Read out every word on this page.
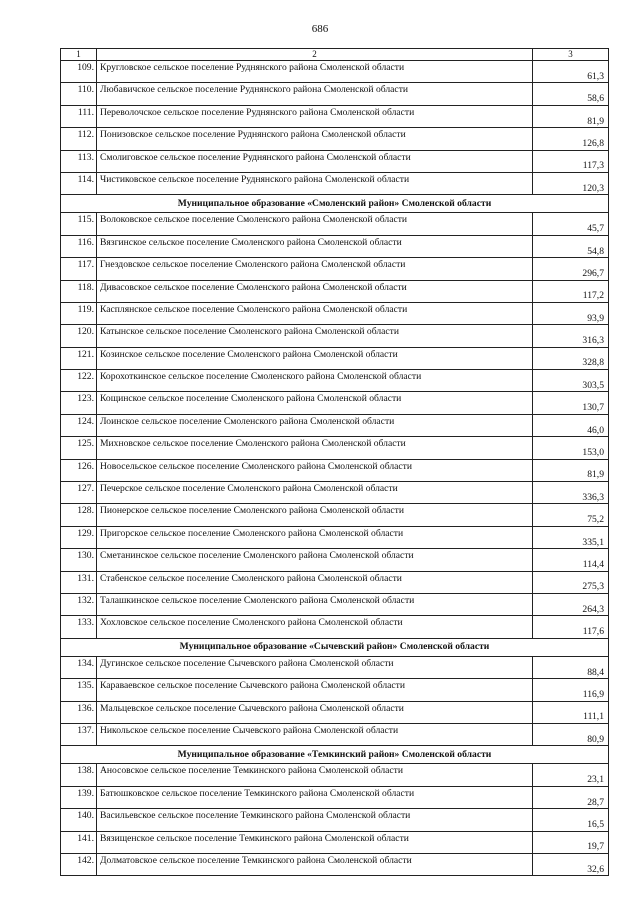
686
1	2	3
109.	Кругловское сельское поселение Руднянского района Смоленской области	61,3
110.	Любавичское сельское поселение Руднянского района Смоленской области	58,6
111.	Переволочское сельское поселение Руднянского района Смоленской области	81,9
112.	Понизовское сельское поселение Руднянского района Смоленской области	126,8
113.	Смолиговское сельское поселение Руднянского района Смоленской области	117,3
114.	Чистиковское сельское поселение Руднянского района Смоленской области	120,3
Муниципальное образование «Смоленский район» Смоленской области		
115.	Волоковское сельское поселение Смоленского района Смоленской области	45,7
116.	Вязгинское сельское поселение Смоленского района Смоленской области	54,8
117.	Гнездовское сельское поселение Смоленского района Смоленской области	296,7
118.	Дивасовское сельское поселение Смоленского района Смоленской области	117,2
119.	Касплянское сельское поселение Смоленского района Смоленской области	93,9
120.	Катынское сельское поселение Смоленского района Смоленской области	316,3
121.	Козинское сельское поселение Смоленского района Смоленской области	328,8
122.	Корохоткинское сельское поселение Смоленского района Смоленской области	303,5
123.	Кощинское сельское поселение Смоленского района Смоленской области	130,7
124.	Лоинское сельское поселение Смоленского района Смоленской области	46,0
125.	Михновское сельское поселение Смоленского района Смоленской области	153,0
126.	Новосельское сельское поселение Смоленского района Смоленской области	81,9
127.	Печерское сельское поселение Смоленского района Смоленской области	336,3
128.	Пионерское сельское поселение Смоленского района Смоленской области	75,2
129.	Пригорское сельское поселение Смоленского района Смоленской области	335,1
130.	Сметанинское сельское поселение Смоленского района Смоленской области	114,4
131.	Стабенское сельское поселение Смоленского района Смоленской области	275,3
132.	Талашкинское сельское поселение Смоленского района Смоленской области	264,3
133.	Хохловское сельское поселение Смоленского района Смоленской области	117,6
Муниципальное образование «Сычевский район» Смоленской области		
134.	Дугинское сельское поселение Сычевского района Смоленской области	88,4
135.	Караваевское сельское поселение Сычевского района Смоленской области	116,9
136.	Мальцевское сельское поселение Сычевского района Смоленской области	111,1
137.	Никольское сельское поселение Сычевского района Смоленской области	80,9
Муниципальное образование «Темкинский район» Смоленской области		
138.	Аносовское сельское поселение Темкинского района Смоленской области	23,1
139.	Батюшковское сельское поселение Темкинского района Смоленской области	28,7
140.	Васильевское сельское поселение Темкинского района Смоленской области	16,5
141.	Вязищенское сельское поселение Темкинского района Смоленской области	19,7
142.	Долматовское сельское поселение Темкинского района Смоленской области	32,6
